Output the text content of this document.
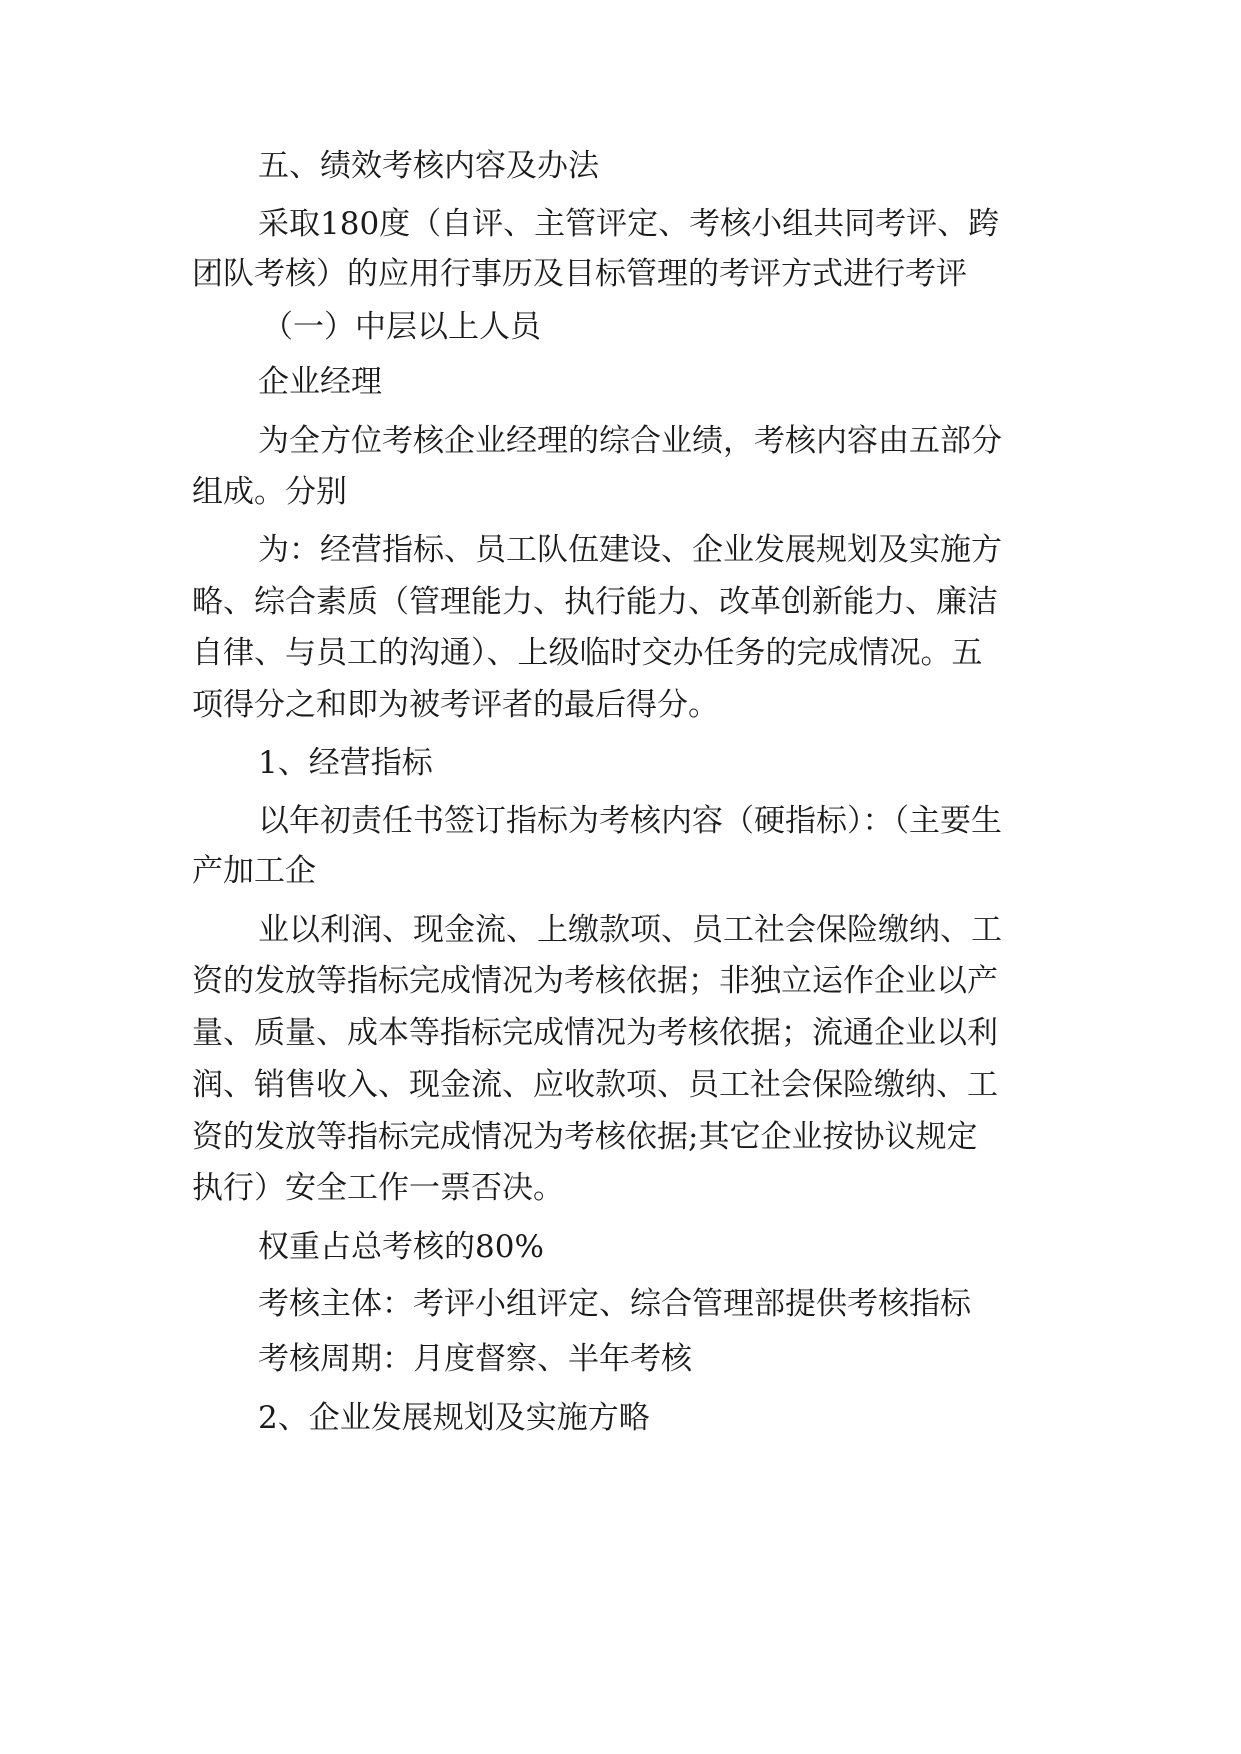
五、绩效考核内容及办法

采取180度（自评、主管评定、考核小组共同考评、跨

团队考核）的应用行事历及目标管理的考评方式进行考评

（一）中层以上人员

企业经理

为全方位考核企业经理的综合业绩，考核内容由五部分

组成。分别

为：经营指标、员工队伍建设、企业发展规划及实施方

略、综合素质（管理能力、执行能力、改革创新能力、廉洁

自律、与员工的沟通）、上级临时交办任务的完成情况。五

项得分之和即为被考评者的最后得分。

1、经营指标

以年初责任书签订指标为考核内容（硬指标）：（主要生

产加工企

业以利润、现金流、上缴款项、员工社会保险缴纳、工

资的发放等指标完成情况为考核依据；非独立运作企业以产

量、质量、成本等指标完成情况为考核依据；流通企业以利

润、销售收入、现金流、应收款项、员工社会保险缴纳、工

资的发放等指标完成情况为考核依据;其它企业按协议规定

执行）安全工作一票否决。

权重占总考核的80%

考核主体：考评小组评定、综合管理部提供考核指标

考核周期：月度督察、半年考核

2、企业发展规划及实施方略
